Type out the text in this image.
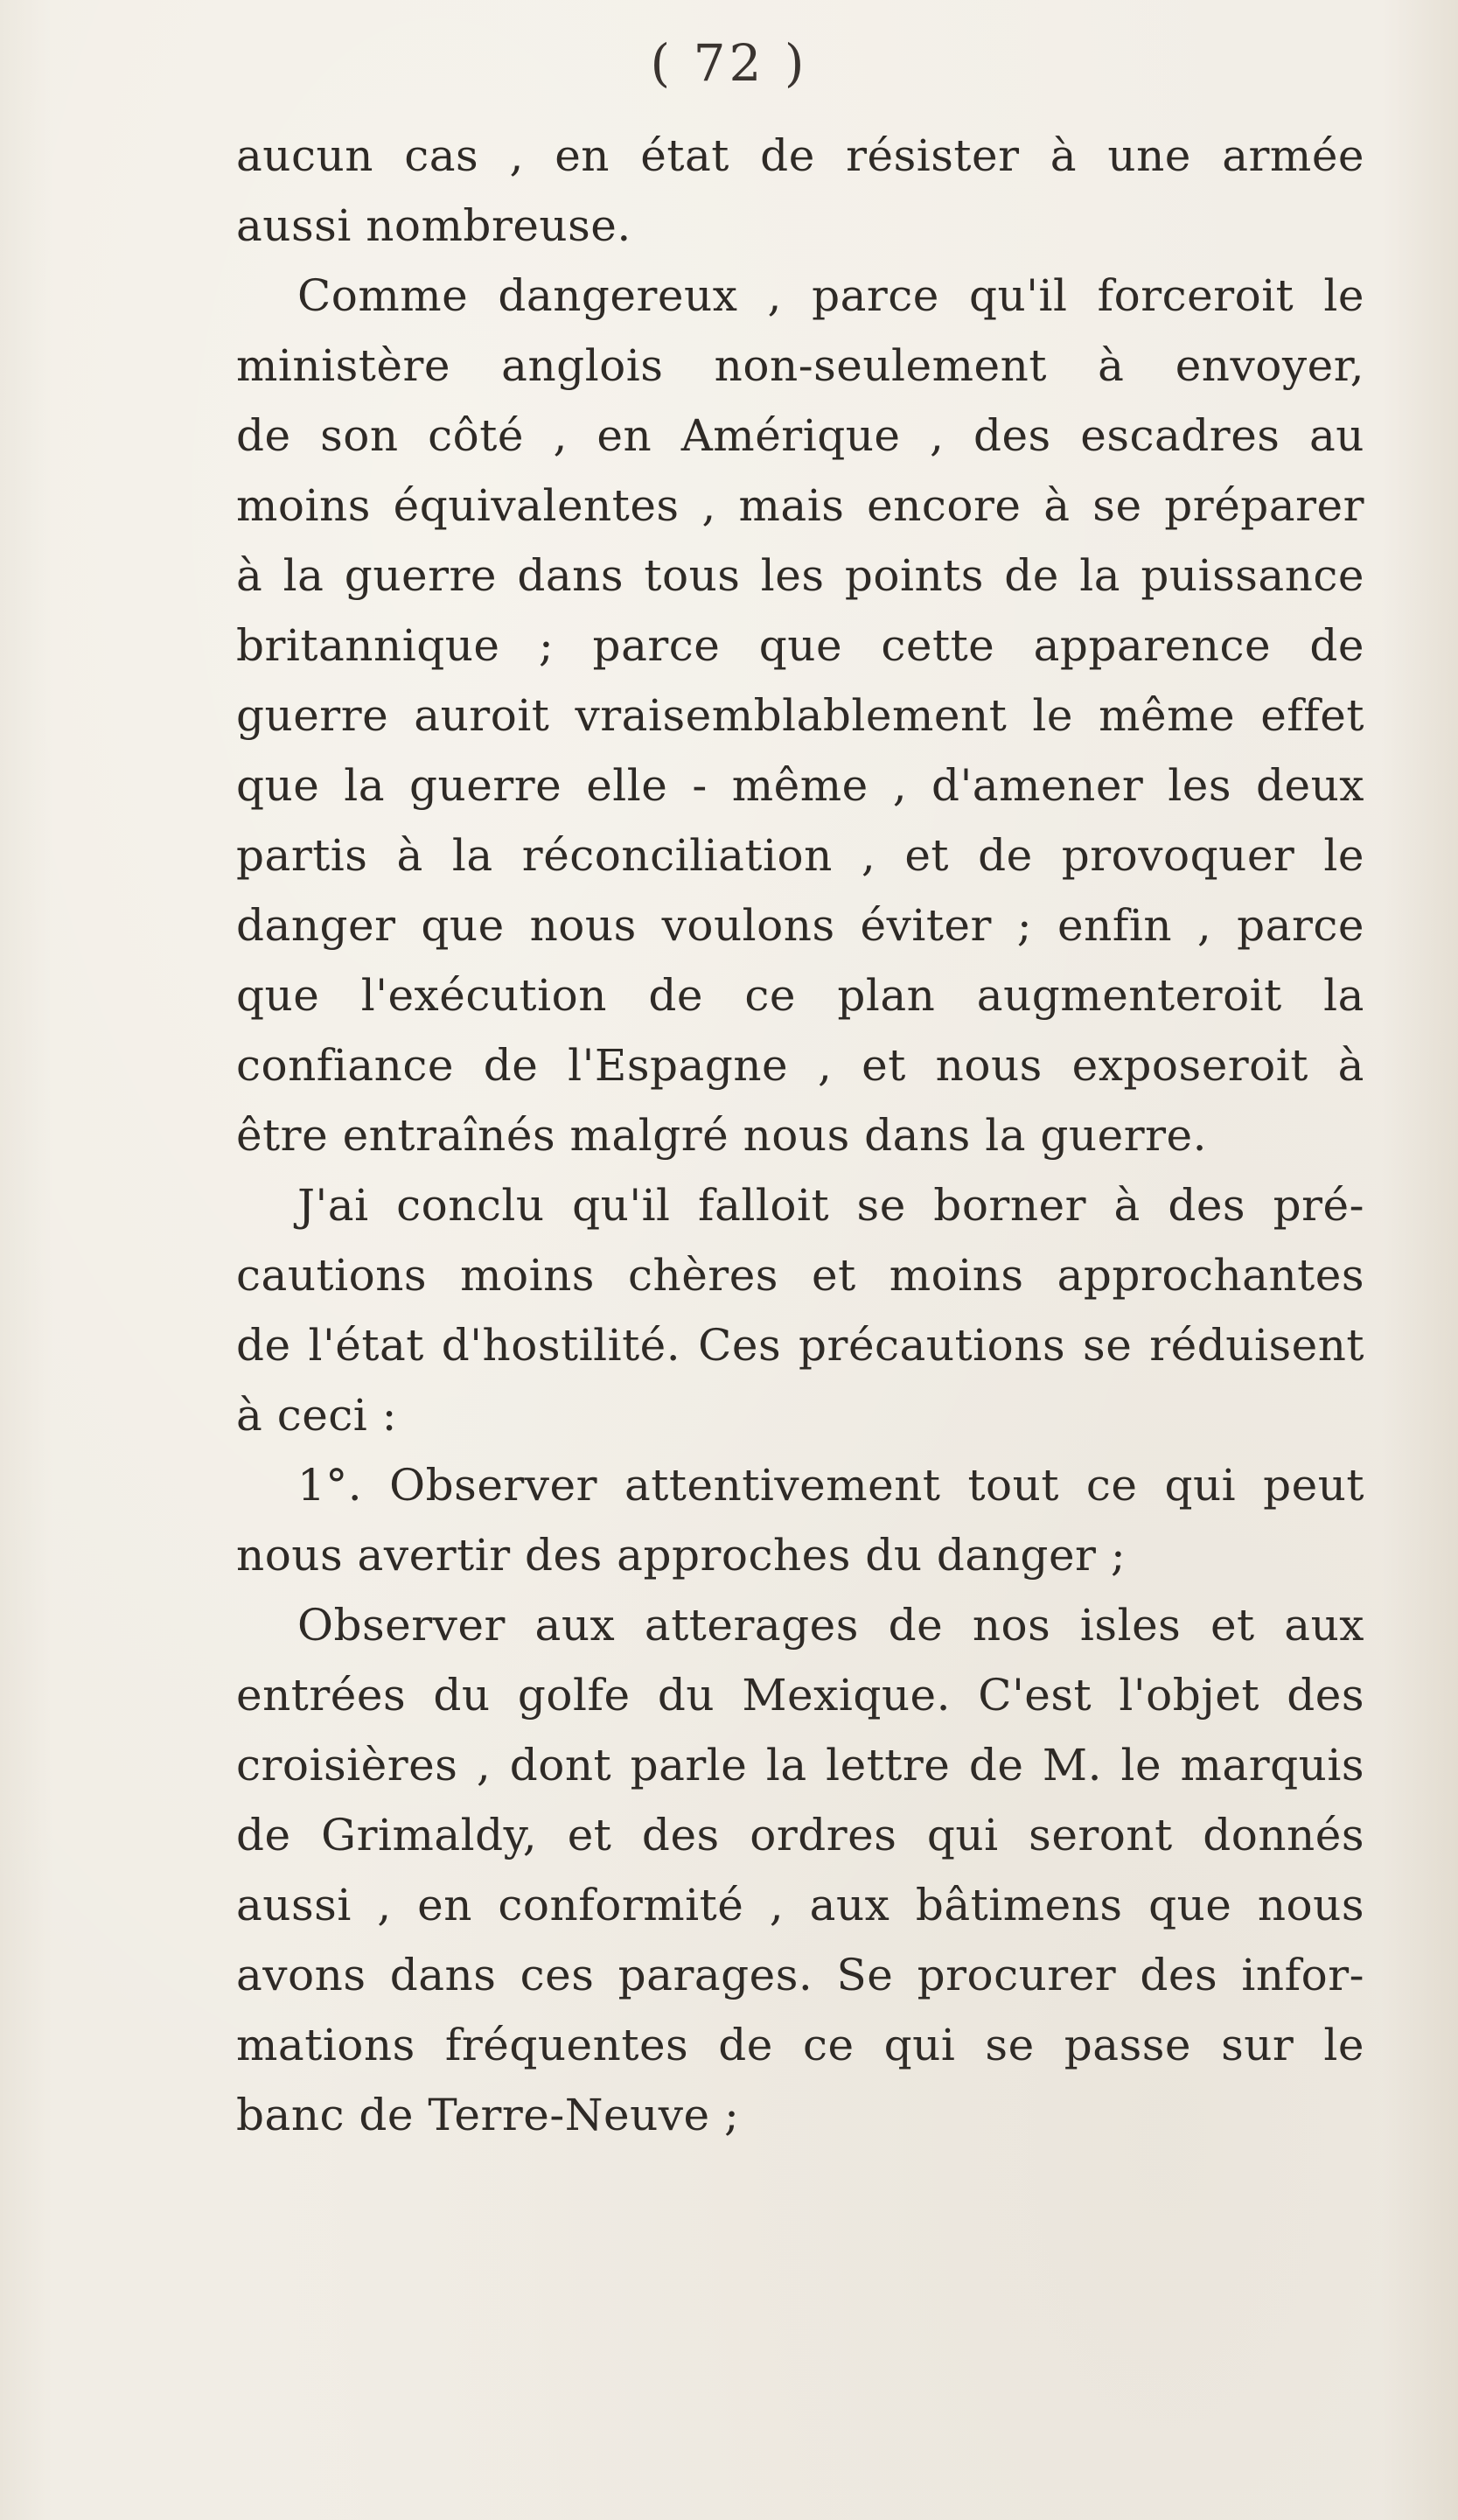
( 72 )
aucun cas , en état de résister à une armée
aussi nombreuse.
Comme dangereux , parce qu'il forceroit le
ministère anglois non-seulement à envoyer,
de son côté , en Amérique , des escadres au
moins équivalentes , mais encore à se préparer
à la guerre dans tous les points de la puissance
britannique ; parce que cette apparence de
guerre auroit vraisemblablement le même effet
que la guerre elle - même , d'amener les deux
partis à la réconciliation , et de provoquer le
danger que nous voulons éviter ; enfin , parce
que l'exécution de ce plan augmenteroit la
confiance de l'Espagne , et nous exposeroit à
être entraînés malgré nous dans la guerre.
J'ai conclu qu'il falloit se borner à des pré-
cautions moins chères et moins approchantes
de l'état d'hostilité. Ces précautions se réduisent
à ceci :
1°. Observer attentivement tout ce qui peut
nous avertir des approches du danger ;
Observer aux atterages de nos isles et aux
entrées du golfe du Mexique. C'est l'objet des
croisières , dont parle la lettre de M. le marquis
de Grimaldy, et des ordres qui seront donnés
aussi , en conformité , aux bâtimens que nous
avons dans ces parages. Se procurer des infor-
mations fréquentes de ce qui se passe sur le
banc de Terre-Neuve ;
